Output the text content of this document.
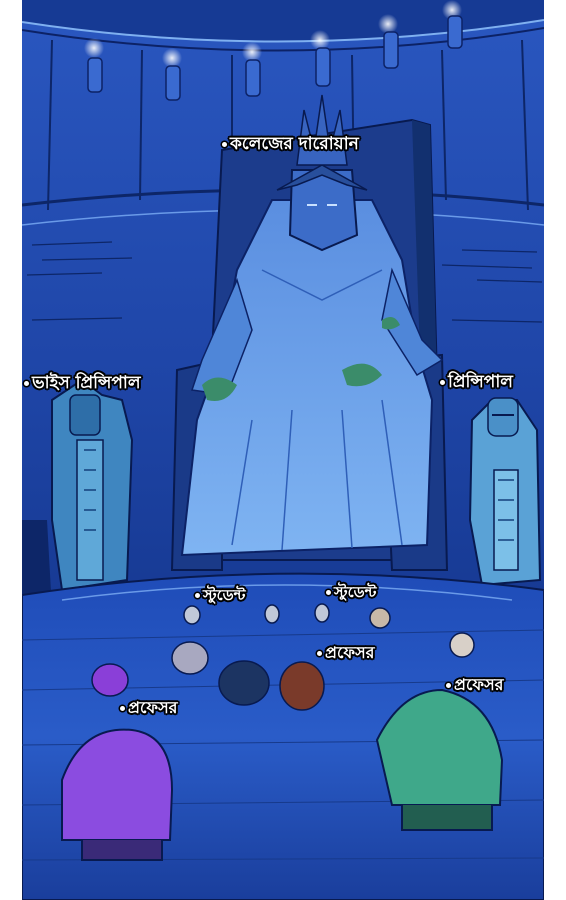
কলেজের দারোয়ান
ভাইস প্রিন্সিপাল	প্রিন্সিপাল
স্টুডেন্ট	স্টুডেন্ট
প্রফেসর
প্রফেসর
প্রফেসর
